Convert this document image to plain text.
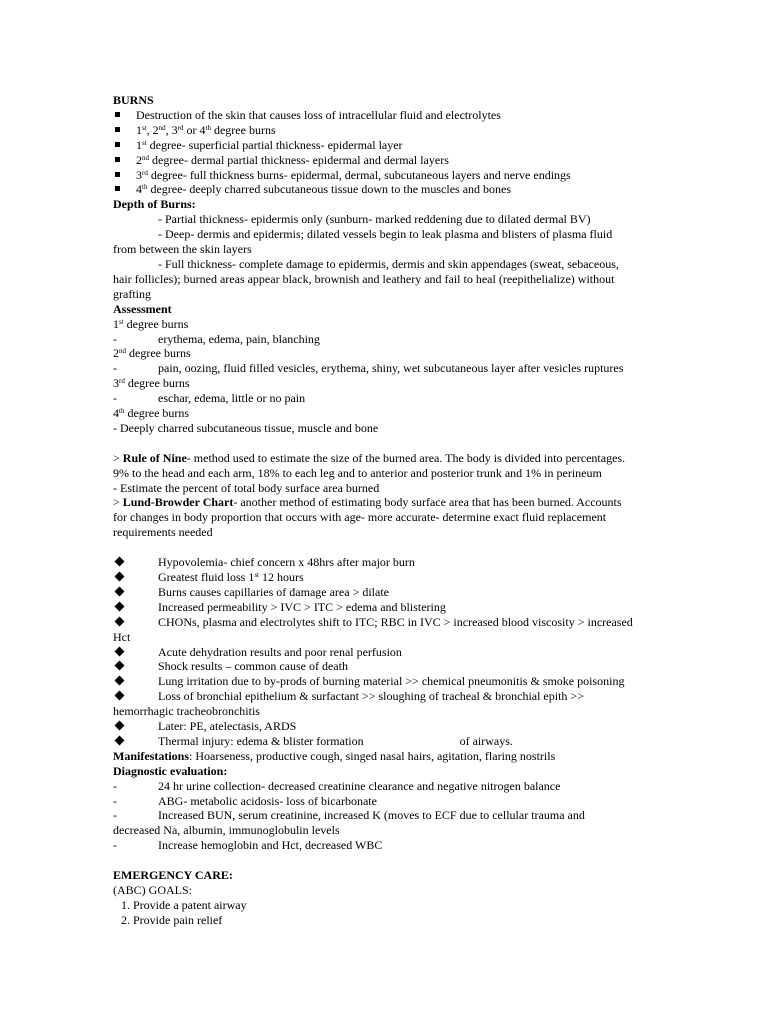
BURNS

Destruction of the skin that causes loss of intracellular fluid and electrolytes

1st, 2nd, 3rd or 4th degree burns

1st degree- superficial partial thickness- epidermal layer

2nd degree- dermal partial thickness- epidermal and dermal layers

3rd degree- full thickness burns- epidermal, dermal, subcutaneous layers and nerve endings

4th degree- deeply charred subcutaneous tissue down to the muscles and bones

Depth of Burns:

- Partial thickness- epidermis only (sunburn- marked reddening due to dilated dermal BV)

- Deep- dermis and epidermis; dilated vessels begin to leak plasma and blisters of plasma fluid

from between the skin layers

- Full thickness- complete damage to epidermis, dermis and skin appendages (sweat, sebaceous,

hair follicles); burned areas appear black, brownish and leathery and fail to heal (reepithelialize) without

grafting

Assessment

1st degree burns

-	erythema, edema, pain, blanching

2nd degree burns

-	pain, oozing, fluid filled vesicles, erythema, shiny, wet subcutaneous layer after vesicles ruptures

3rd degree burns

-	eschar, edema, little or no pain

4th degree burns

- Deeply charred subcutaneous tissue, muscle and bone

> Rule of Nine- method used to estimate the size of the burned area. The body is divided into percentages.

9% to the head and each arm, 18% to each leg and to anterior and posterior trunk and 1% in perineum

- Estimate the percent of total body surface area burned

> Lund-Browder Chart- another method of estimating body surface area that has been burned. Accounts

for changes in body proportion that occurs with age- more accurate- determine exact fluid replacement

requirements needed

Hypovolemia- chief concern x 48hrs after major burn

Greatest fluid loss 1st 12 hours

Burns causes capillaries of damage area > dilate

Increased permeability > IVC > ITC > edema and blistering

CHONs, plasma and electrolytes shift to ITC; RBC in IVC > increased blood viscosity > increased

Hct

Acute dehydration results and poor renal perfusion

Shock results – common cause of death

Lung irritation due to by-prods of burning material >> chemical pneumonitis & smoke poisoning

Loss of bronchial epithelium & surfactant >> sloughing of tracheal & bronchial epith >>

hemorrhagic tracheobronchitis

Later: PE, atelectasis, ARDS

Thermal injury: edema & blister formation	of airways.

Manifestations: Hoarseness, productive cough, singed nasal hairs, agitation, flaring nostrils

Diagnostic evaluation:

-	24 hr urine collection- decreased creatinine clearance and negative nitrogen balance

-	ABG- metabolic acidosis- loss of bicarbonate

-	Increased BUN, serum creatinine, increased K (moves to ECF due to cellular trauma and

decreased Na, albumin, immunoglobulin levels

-	Increase hemoglobin and Hct, decreased WBC

EMERGENCY CARE:

(ABC) GOALS:

1. Provide a patent airway

2. Provide pain relief
